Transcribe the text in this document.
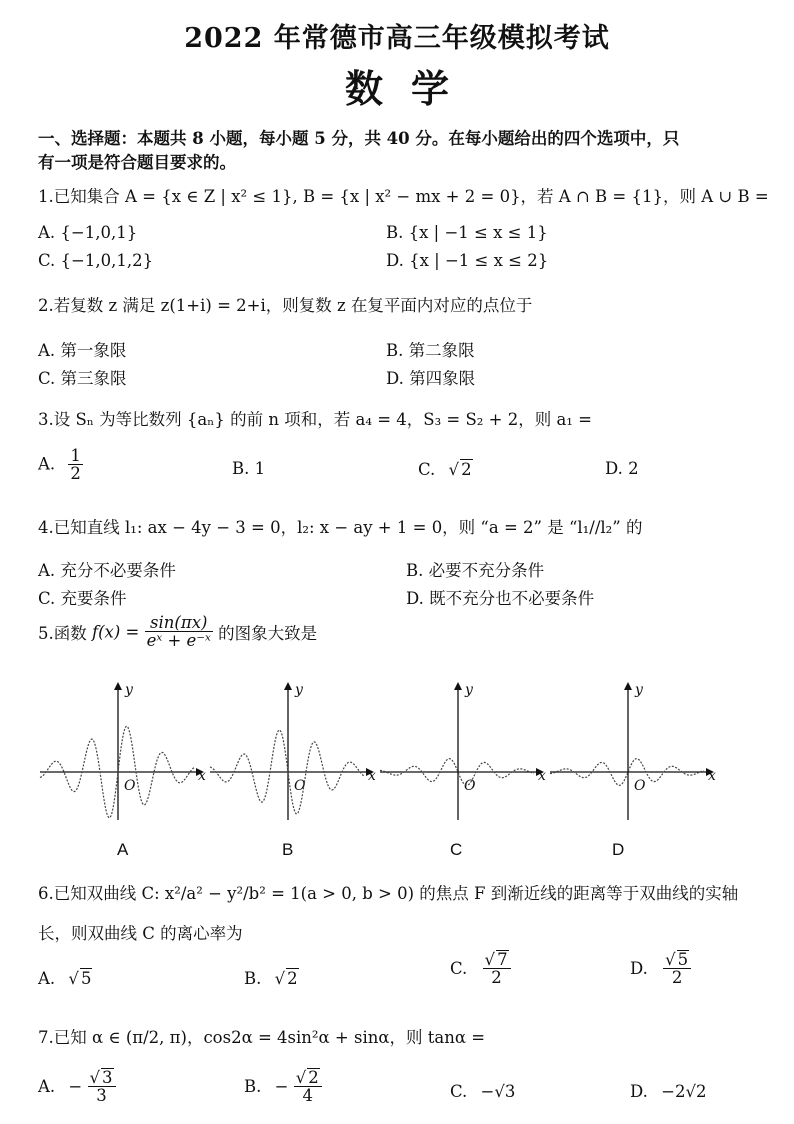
2022 年常德市高三年级模拟考试
数学
一、选择题：本题共 8 小题，每小题 5 分，共 40 分。在每小题给出的四个选项中，只
有一项是符合题目要求的。
1.已知集合 A = {x ∈ Z | x² ≤ 1}, B = {x | x² − mx + 2 = 0}，若 A ∩ B = {1}，则 A ∪ B =
A. {−1,0,1}	B. {x | −1 ≤ x ≤ 1}
C. {−1,0,1,2}	D. {x | −1 ≤ x ≤ 2}
2.若复数 z 满足 z(1+i) = 2+i，则复数 z 在复平面内对应的点位于
A. 第一象限	B. 第二象限
C. 第三象限	D. 第四象限
3.设 Sₙ 为等比数列 {aₙ} 的前 n 项和，若 a₄ = 4，S₃ = S₂ + 2，则 a₁ =
A. $\frac{1}{2}$	B. 1	C. √ 2	D. 2
4.已知直线 l₁: ax − 4y − 3 = 0，l₂: x − ay + 1 = 0，则 “a = 2” 是 “l₁//l₂” 的
A. 充分不必要条件	B. 必要不充分条件
C. 充要条件	D. 既不充分也不必要条件
5.函数 $f(x) = \frac{\sin(\pi x)}{\text{eˣ + e⁻ˣ}}$ 的图象大致是
x
y
O
x
y
O
x
y
O
x
y
O
A	B	C	D
6.已知双曲线 C: x²/a² − y²/b² = 1(a > 0, b > 0) 的焦点 F 到渐近线的距离等于双曲线的实轴
长，则双曲线 C 的离心率为
A. √ 5	B. √ 2
C. $\frac{√ 7}{2}$	D. $\frac{√ 5}{2}$
7.已知 α ∈ (π/2, π)，cos2α = 4sin²α + sinα，则 tanα =
A. − $\frac{√ 3}{3}$	B. − $\frac{√ 2}{4}$	C. −√3	D. −2√2
